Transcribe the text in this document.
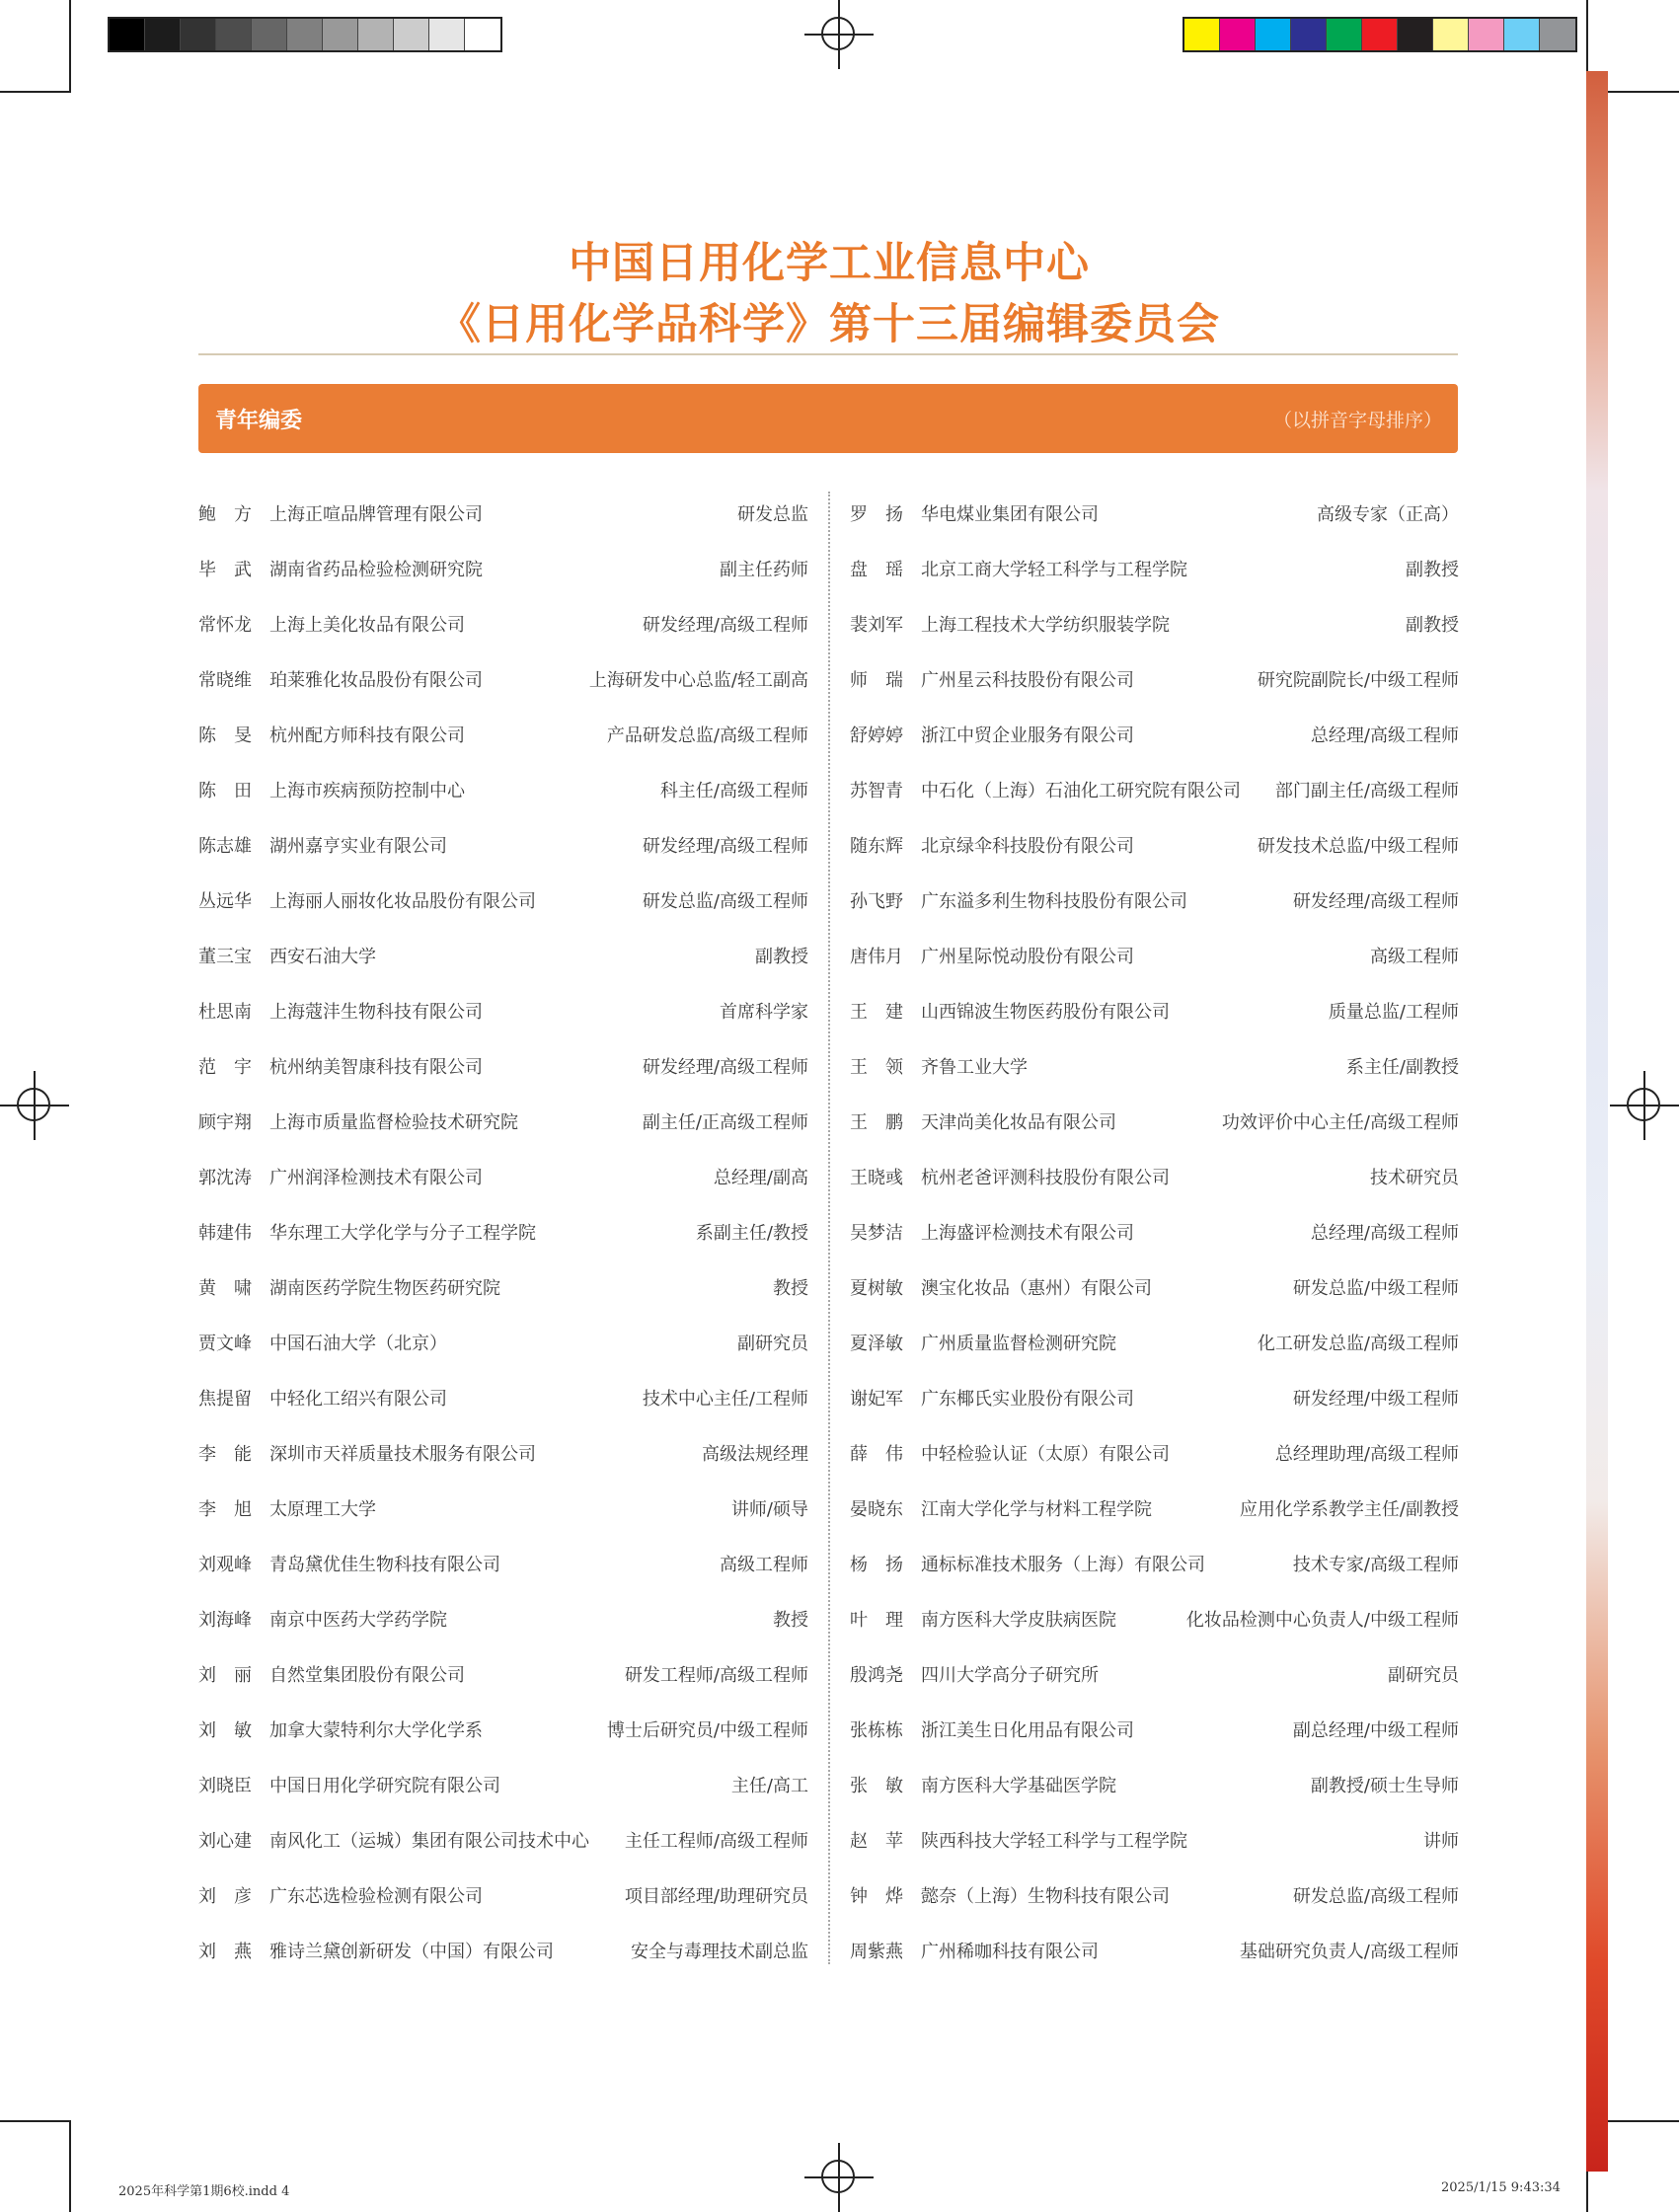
中国日用化学工业信息中心
《日用化学品科学》第十三届编辑委员会
青年编委	（以拼音字母排序）
鲍　方	上海正喧品牌管理有限公司	研发总监
毕　武	湖南省药品检验检测研究院	副主任药师
常怀龙	上海上美化妆品有限公司	研发经理/高级工程师
常晓维	珀莱雅化妆品股份有限公司	上海研发中心总监/轻工副高
陈　旻	杭州配方师科技有限公司	产品研发总监/高级工程师
陈　田	上海市疾病预防控制中心	科主任/高级工程师
陈志雄	湖州嘉亨实业有限公司	研发经理/高级工程师
丛远华	上海丽人丽妆化妆品股份有限公司	研发总监/高级工程师
董三宝	西安石油大学	副教授
杜思南	上海蔻沣生物科技有限公司	首席科学家
范　宇	杭州纳美智康科技有限公司	研发经理/高级工程师
顾宇翔	上海市质量监督检验技术研究院	副主任/正高级工程师
郭沈涛	广州润泽检测技术有限公司	总经理/副高
韩建伟	华东理工大学化学与分子工程学院	系副主任/教授
黄　啸	湖南医药学院生物医药研究院	教授
贾文峰	中国石油大学（北京）	副研究员
焦提留	中轻化工绍兴有限公司	技术中心主任/工程师
李　能	深圳市天祥质量技术服务有限公司	高级法规经理
李　旭	太原理工大学	讲师/硕导
刘观峰	青岛黛优佳生物科技有限公司	高级工程师
刘海峰	南京中医药大学药学院	教授
刘　丽	自然堂集团股份有限公司	研发工程师/高级工程师
刘　敏	加拿大蒙特利尔大学化学系	博士后研究员/中级工程师
刘晓臣	中国日用化学研究院有限公司	主任/高工
刘心建	南风化工（运城）集团有限公司技术中心 主任工程师/高级工程师
刘　彦	广东芯选检验检测有限公司	项目部经理/助理研究员
刘　燕	雅诗兰黛创新研发（中国）有限公司	安全与毒理技术副总监
罗　扬	华电煤业集团有限公司	高级专家（正高）
盘　瑶	北京工商大学轻工科学与工程学院	副教授
裴刘军	上海工程技术大学纺织服装学院	副教授
师　瑞	广州星云科技股份有限公司	研究院副院长/中级工程师
舒婷婷	浙江中贸企业服务有限公司	总经理/高级工程师
苏智青	中石化（上海）石油化工研究院有限公司 部门副主任/高级工程师
随东辉	北京绿伞科技股份有限公司	研发技术总监/中级工程师
孙飞野	广东溢多利生物科技股份有限公司	研发经理/高级工程师
唐伟月	广州星际悦动股份有限公司	高级工程师
王　建	山西锦波生物医药股份有限公司	质量总监/工程师
王　领	齐鲁工业大学	系主任/副教授
王　鹏	天津尚美化妆品有限公司	功效评价中心主任/高级工程师
王晓彧	杭州老爸评测科技股份有限公司	技术研究员
吴梦洁	上海盛评检测技术有限公司	总经理/高级工程师
夏树敏	澳宝化妆品（惠州）有限公司	研发总监/中级工程师
夏泽敏	广州质量监督检测研究院	化工研发总监/高级工程师
谢妃军	广东椰氏实业股份有限公司	研发经理/中级工程师
薛　伟	中轻检验认证（太原）有限公司	总经理助理/高级工程师
晏晓东	江南大学化学与材料工程学院	应用化学系教学主任/副教授
杨　扬	通标标准技术服务（上海）有限公司	技术专家/高级工程师
叶　理	南方医科大学皮肤病医院	化妆品检测中心负责人/中级工程师
殷鸿尧	四川大学高分子研究所	副研究员
张栋栋	浙江美生日化用品有限公司	副总经理/中级工程师
张　敏	南方医科大学基础医学院	副教授/硕士生导师
赵　苹	陕西科技大学轻工科学与工程学院	讲师
钟　烨	懿奈（上海）生物科技有限公司	研发总监/高级工程师
周紫燕	广州稀咖科技有限公司	基础研究负责人/高级工程师
2025年科学第1期6校.indd 4	2025/1/15 9:43:34
